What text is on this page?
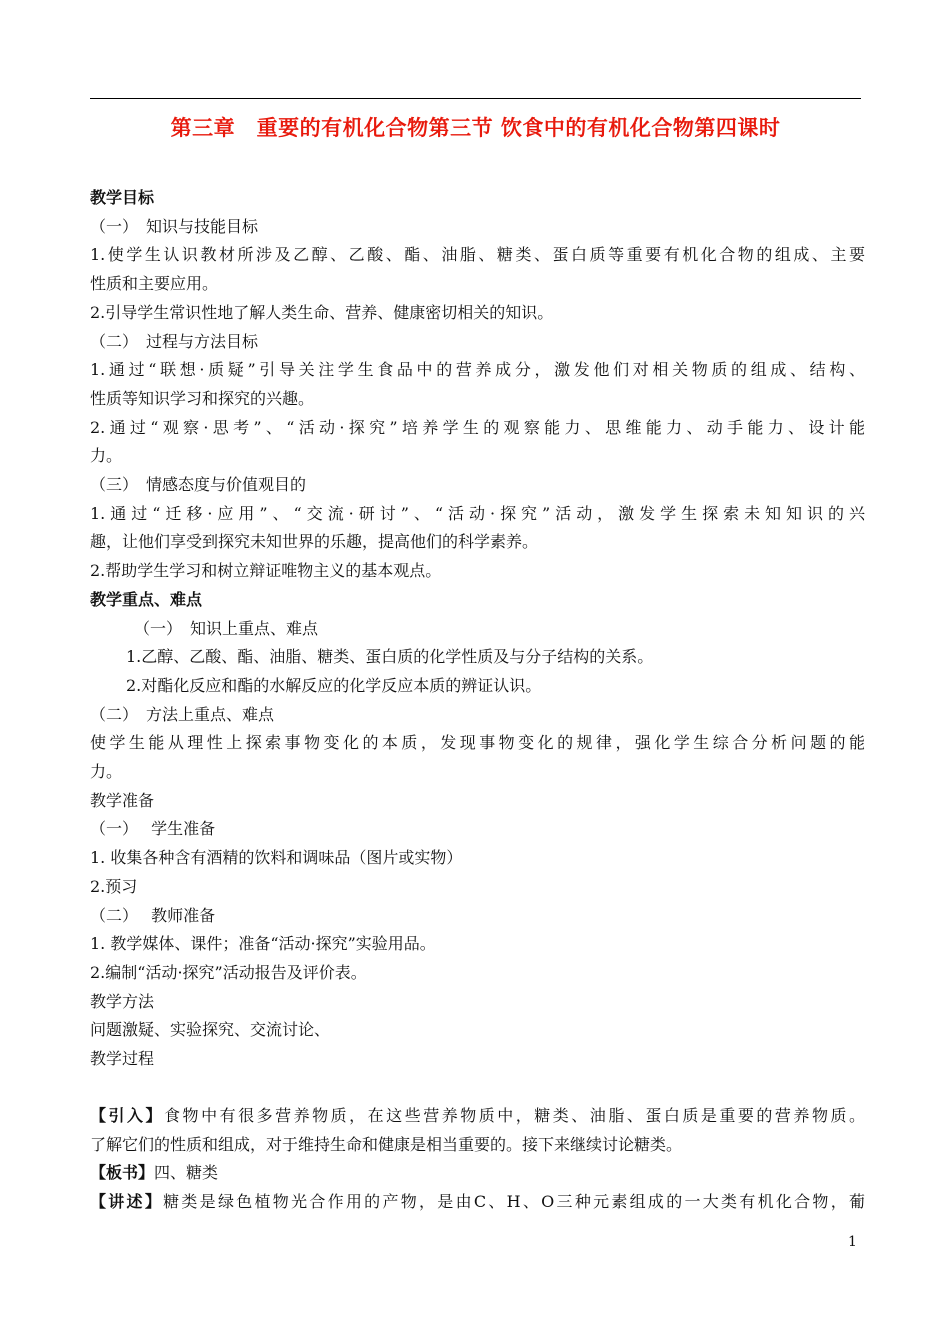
第三章　重要的有机化合物第三节 饮食中的有机化合物第四课时

教学目标

（一）　知识与技能目标

1.使学生认识教材所涉及乙醇、乙酸、酯、油脂、糖类、蛋白质等重要有机化合物的组成、主要

性质和主要应用。

2.引导学生常识性地了解人类生命、营养、健康密切相关的知识。

（二）　过程与方法目标

1.通过“联想·质疑”引导关注学生食品中的营养成分，激发他们对相关物质的组成、结构、

性质等知识学习和探究的兴趣。

2.通过“观察·思考”、“活动·探究”培养学生的观察能力、思维能力、动手能力、设计能

力。

（三）　情感态度与价值观目的

1.通过“迁移·应用”、“交流·研讨”、“活动·探究”活动，激发学生探索未知知识的兴

趣，让他们享受到探究未知世界的乐趣，提高他们的科学素养。

2.帮助学生学习和树立辩证唯物主义的基本观点。

教学重点、难点

（一）　知识上重点、难点

1.乙醇、乙酸、酯、油脂、糖类、蛋白质的化学性质及与分子结构的关系。

2.对酯化反应和酯的水解反应的化学反应本质的辨证认识。

（二）　方法上重点、难点

使学生能从理性上探索事物变化的本质，发现事物变化的规律，强化学生综合分析问题的能

力。

教学准备

（一）　 学生准备

1. 收集各种含有酒精的饮料和调味品（图片或实物）

2.预习

（二）　 教师准备

1. 教学媒体、课件；准备“活动·探究”实验用品。

2.编制“活动·探究”活动报告及评价表。

教学方法

问题激疑、实验探究、交流讨论、

教学过程

【引入】食物中有很多营养物质，在这些营养物质中，糖类、油脂、蛋白质是重要的营养物质。

了解它们的性质和组成，对于维持生命和健康是相当重要的。接下来继续讨论糖类。

【板书】四、糖类

【讲述】糖类是绿色植物光合作用的产物，是由C、H、O三种元素组成的一大类有机化合物，葡

1
